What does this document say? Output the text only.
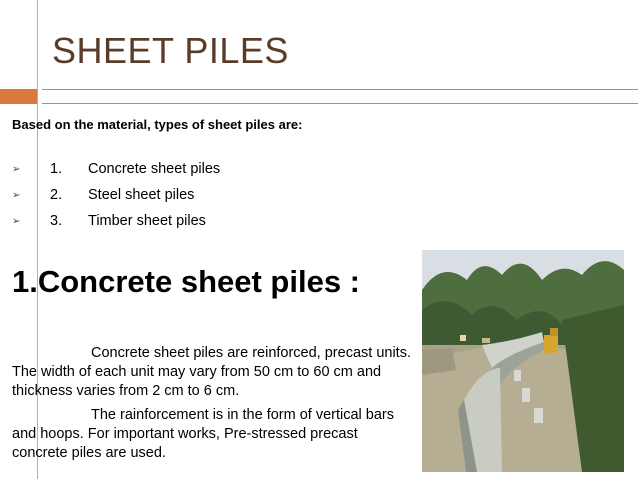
SHEET PILES
Based on the material, types of sheet piles are:
➢	1.	Concrete sheet piles
➢	2.	Steel sheet piles
➢	3.	Timber sheet piles
1.Concrete sheet piles :

Concrete sheet piles are reinforced, precast units. The width of each unit may vary from 50 cm to 60 cm and thickness varies from 2 cm to 6 cm.

The rainforcement is in the form of vertical bars and hoops. For important works, Pre-stressed precast concrete piles are used.
